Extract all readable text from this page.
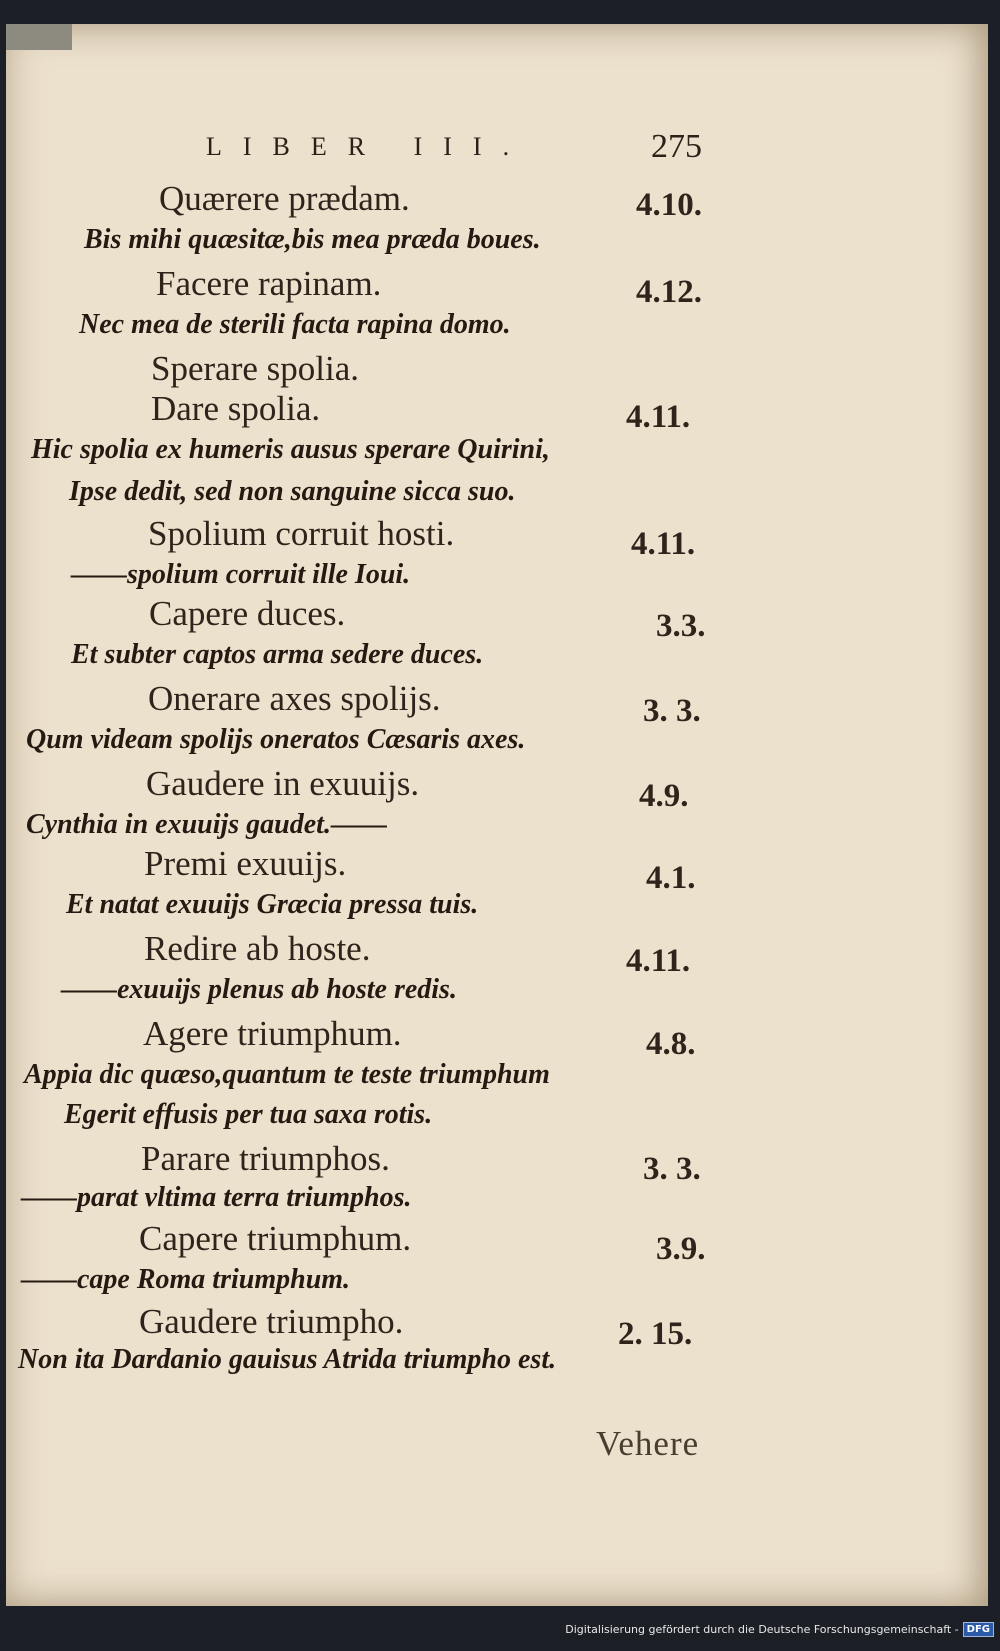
LIBER III.	275
Quærere prædam.	4.10.
Bis mihi quæsitæ,bis mea præda boues.
Facere rapinam.	4.12.
Nec mea de sterili facta rapina domo.
Sperare spolia.
Dare spolia.	4.11.
Hic spolia ex humeris ausus sperare Quirini,
Ipse dedit, sed non sanguine sicca suo.
Spolium corruit hosti.	4.11.
——spolium corruit ille Ioui.
Capere duces.	3.3.
Et subter captos arma sedere duces.
Onerare axes spolijs.	3. 3.
Qum videam spolijs oneratos Cæsaris axes.
Gaudere in exuuijs.	4.9.
Cynthia in exuuijs gaudet.——
Premi exuuijs.	4.1.
Et natat exuuijs Græcia pressa tuis.
Redire ab hoste.	4.11.
——exuuijs plenus ab hoste redis.
Agere triumphum.	4.8.
Appia dic quæso,quantum te teste triumphum
Egerit effusis per tua saxa rotis.
Parare triumphos.	3. 3.
——parat vltima terra triumphos.
Capere triumphum.	3.9.
——cape Roma triumphum.
Gaudere triumpho.	2. 15.
Non ita Dardanio gauisus Atrida triumpho est.
Vehere
Digitalisierung gefördert durch die Deutsche Forschungsgemeinschaft - DFG
